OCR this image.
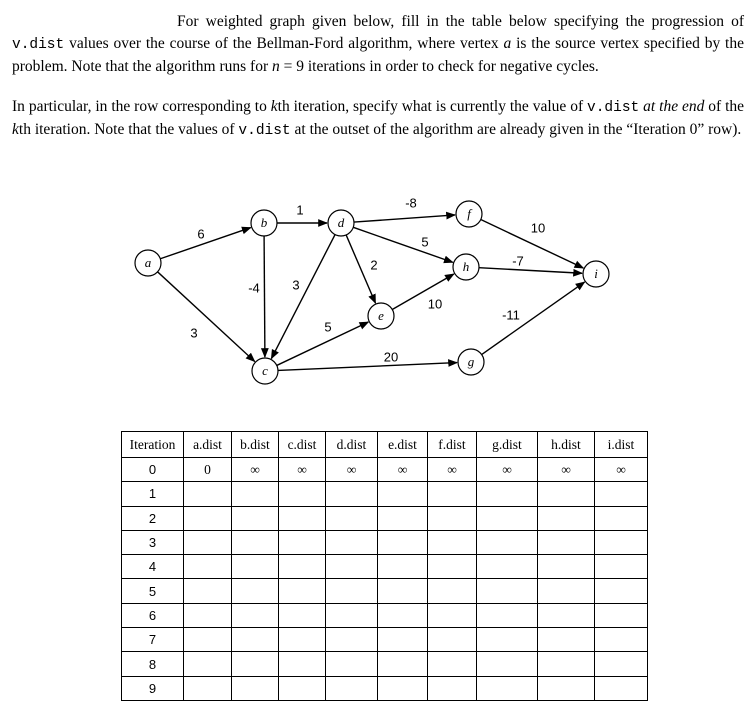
For weighted graph given below, fill in the table below specifying the progression of v.dist values over the course of the Bellman-Ford algorithm, where vertex a is the source vertex specified by the problem. Note that the algorithm runs for n = 9 iterations in order to check for negative cycles.

In particular, in the row corresponding to kth iteration, specify what is currently the value of v.dist at the end of the kth iteration. Note that the values of v.dist at the outset of the algorithm are already given in the “Iteration 0” row).

a
b
c
d
e
f
h
g
i
6
3
1
-4	3
-8
5
2
5
20
10
10
-7
-11
Iteration	a.dist	b.dist	c.dist	d.dist	e.dist	f.dist	g.dist	h.dist	i.dist
0	0	∞	∞	∞	∞	∞	∞	∞	∞
1									
2									
3									
4									
5									
6									
7									
8									
9									
